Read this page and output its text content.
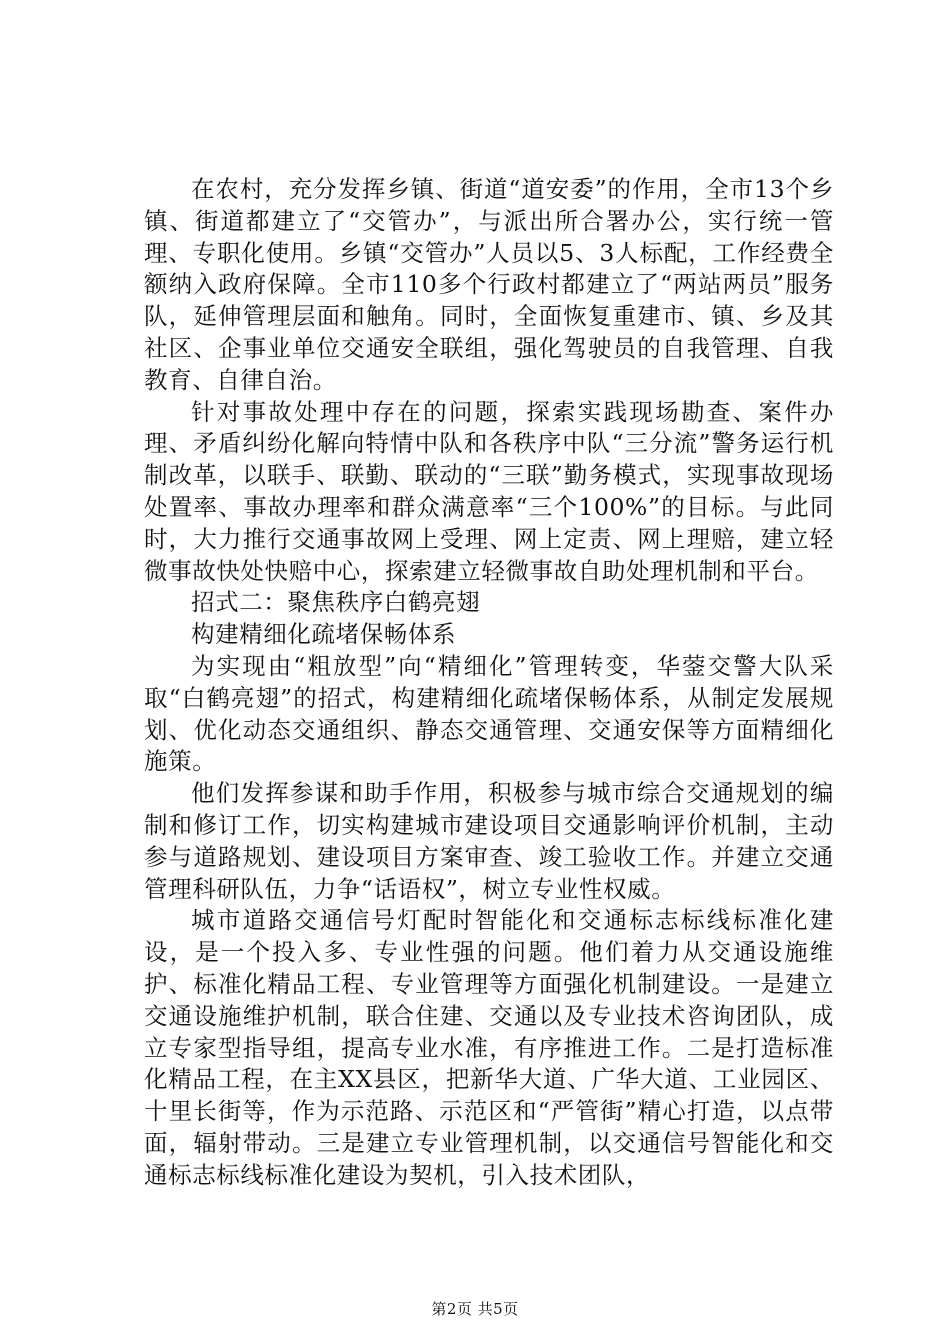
在农村，充分发挥乡镇、街道“道安委”的作用，全市13个乡镇、街道都建立了“交管办”，与派出所合署办公，实行统一管理、专职化使用。乡镇“交管办”人员以5、3人标配，工作经费全额纳入政府保障。全市110多个行政村都建立了“两站两员”服务队，延伸管理层面和触角。同时，全面恢复重建市、镇、乡及其社区、企事业单位交通安全联组，强化驾驶员的自我管理、自我教育、自律自治。

针对事故处理中存在的问题，探索实践现场勘查、案件办理、矛盾纠纷化解向特情中队和各秩序中队“三分流”警务运行机制改革，以联手、联勤、联动的“三联”勤务模式，实现事故现场处置率、事故办理率和群众满意率“三个100%”的目标。与此同时，大力推行交通事故网上受理、网上定责、网上理赔，建立轻微事故快处快赔中心，探索建立轻微事故自助处理机制和平台。

招式二：聚焦秩序白鹤亮翅

构建精细化疏堵保畅体系

为实现由“粗放型”向“精细化”管理转变，华蓥交警大队采取“白鹤亮翅”的招式，构建精细化疏堵保畅体系，从制定发展规划、优化动态交通组织、静态交通管理、交通安保等方面精细化施策。

他们发挥参谋和助手作用，积极参与城市综合交通规划的编制和修订工作，切实构建城市建设项目交通影响评价机制，主动参与道路规划、建设项目方案审查、竣工验收工作。并建立交通管理科研队伍，力争“话语权”，树立专业性权威。

城市道路交通信号灯配时智能化和交通标志标线标准化建设，是一个投入多、专业性强的问题。他们着力从交通设施维护、标准化精品工程、专业管理等方面强化机制建设。一是建立交通设施维护机制，联合住建、交通以及专业技术咨询团队，成立专家型指导组，提高专业水准，有序推进工作。二是打造标准化精品工程，在主XX县区，把新华大道、广华大道、工业园区、十里长街等，作为示范路、示范区和“严管街”精心打造，以点带面，辐射带动。三是建立专业管理机制，以交通信号智能化和交通标志标线标准化建设为契机，引入技术团队，

第2页 共5页
